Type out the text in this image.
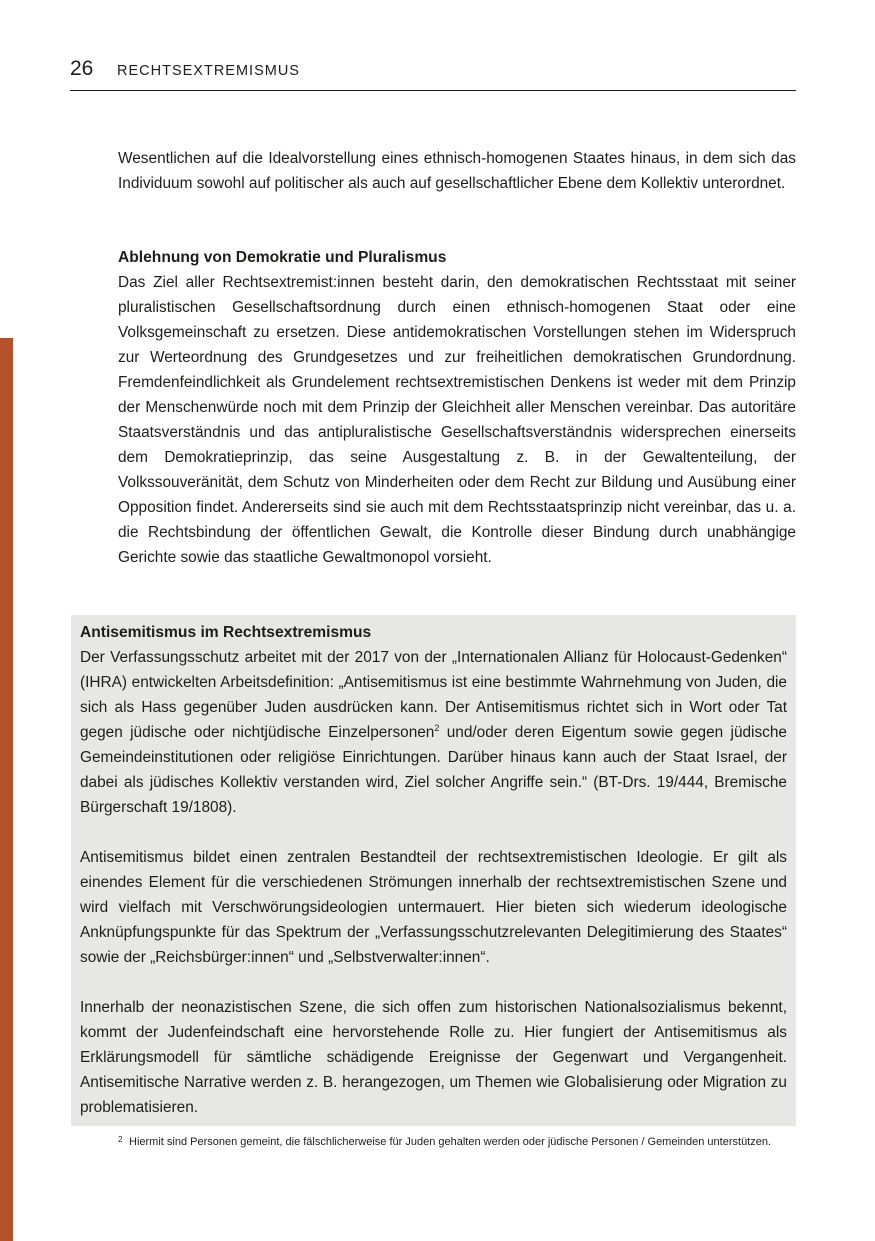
26 RECHTSEXTREMISMUS

Wesentlichen auf die Idealvorstellung eines ethnisch-homogenen Staates hinaus, in dem sich das Individuum sowohl auf politischer als auch auf gesellschaftlicher Ebene dem Kollektiv unterordnet.

Ablehnung von Demokratie und Pluralismus

Das Ziel aller Rechtsextremist:innen besteht darin, den demokratischen Rechtsstaat mit seiner pluralistischen Gesellschaftsordnung durch einen ethnisch-homogenen Staat oder eine Volksgemeinschaft zu ersetzen. Diese antidemokratischen Vorstellungen stehen im Widerspruch zur Werteordnung des Grundgesetzes und zur freiheitlichen demokratischen Grundordnung. Fremdenfeindlichkeit als Grundelement rechtsextremistischen Denkens ist weder mit dem Prinzip der Menschenwürde noch mit dem Prinzip der Gleichheit aller Menschen vereinbar. Das autoritäre Staatsverständnis und das antipluralistische Gesellschaftsverständnis widersprechen einerseits dem Demokratieprinzip, das seine Ausgestaltung z. B. in der Gewaltenteilung, der Volkssouveränität, dem Schutz von Minderheiten oder dem Recht zur Bildung und Ausübung einer Opposition findet. Andererseits sind sie auch mit dem Rechtsstaatsprinzip nicht vereinbar, das u. a. die Rechtsbindung der öffentlichen Gewalt, die Kontrolle dieser Bindung durch unabhängige Gerichte sowie das staatliche Gewaltmonopol vorsieht.

Antisemitismus im Rechtsextremismus

Der Verfassungsschutz arbeitet mit der 2017 von der „Internationalen Allianz für Holocaust-Gedenken“ (IHRA) entwickelten Arbeitsdefinition: „Antisemitismus ist eine bestimmte Wahrnehmung von Juden, die sich als Hass gegenüber Juden ausdrücken kann. Der Antisemitismus richtet sich in Wort oder Tat gegen jüdische oder nichtjüdische Einzelpersonen$^2$ und/oder deren Eigentum sowie gegen jüdische Gemeindeinstitutionen oder religiöse Einrichtungen. Darüber hinaus kann auch der Staat Israel, der dabei als jüdisches Kollektiv verstanden wird, Ziel solcher Angriffe sein.“ (BT-Drs. 19/444, Bremische Bürgerschaft 19/1808).

Antisemitismus bildet einen zentralen Bestandteil der rechtsextremistischen Ideologie. Er gilt als einendes Element für die verschiedenen Strömungen innerhalb der rechtsextremistischen Szene und wird vielfach mit Verschwörungsideologien untermauert. Hier bieten sich wiederum ideologische Anknüpfungspunkte für das Spektrum der „Verfassungsschutzrelevanten Delegitimierung des Staates“ sowie der „Reichsbürger:innen“ und „Selbstverwalter:innen“.

Innerhalb der neonazistischen Szene, die sich offen zum historischen Nationalsozialismus bekennt, kommt der Judenfeindschaft eine hervorstehende Rolle zu. Hier fungiert der Antisemitismus als Erklärungsmodell für sämtliche schädigende Ereignisse der Gegenwart und Vergangenheit. Antisemitische Narrative werden z. B. herangezogen, um Themen wie Globalisierung oder Migration zu problematisieren.

2 Hiermit sind Personen gemeint, die fälschlicherweise für Juden gehalten werden oder jüdische Personen / Gemeinden unterstützen.
